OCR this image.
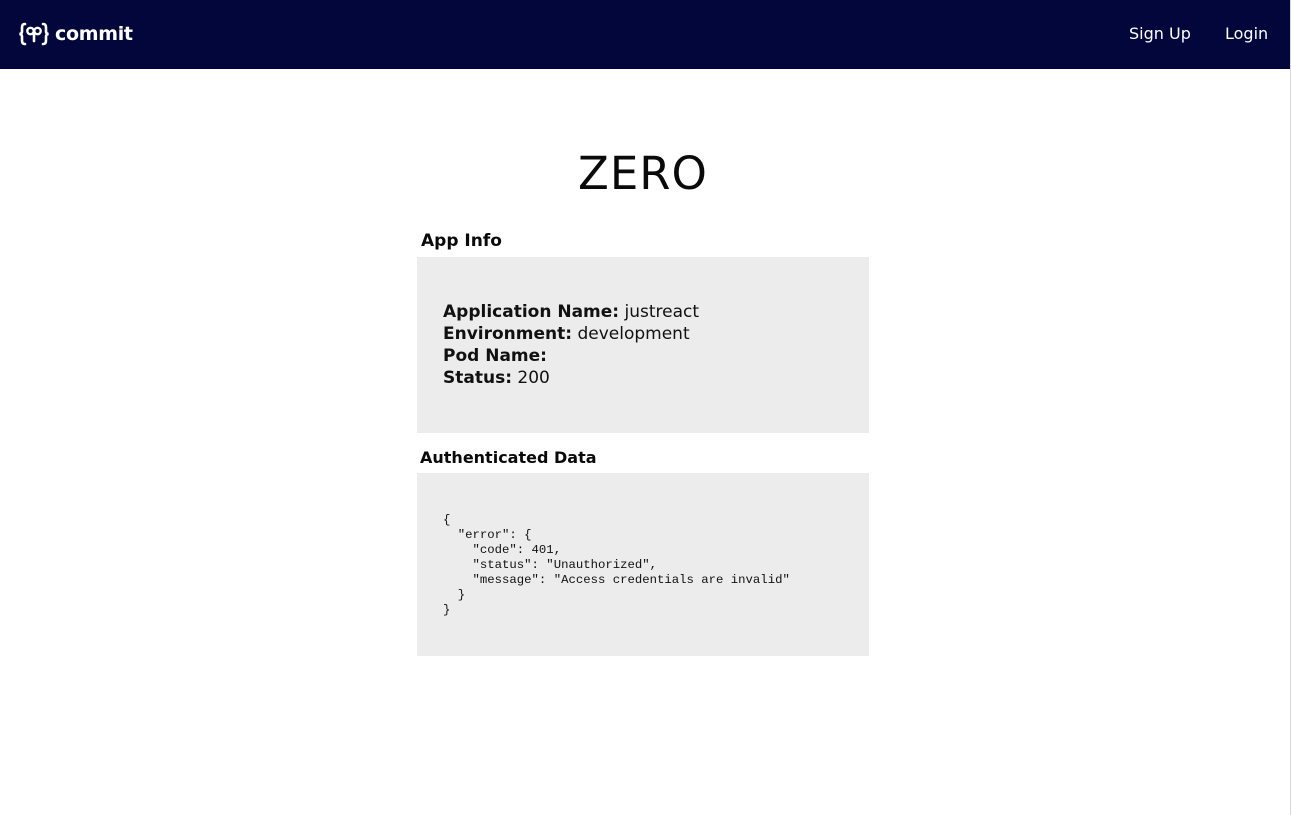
commit	Sign Up Login
ZERO
App Info
Application Name: justreact
Environment: development
Pod Name:
Status: 200
Authenticated Data
{
"error": {
"code": 401,
"status": "Unauthorized",
"message": "Access credentials are invalid"
}
}
